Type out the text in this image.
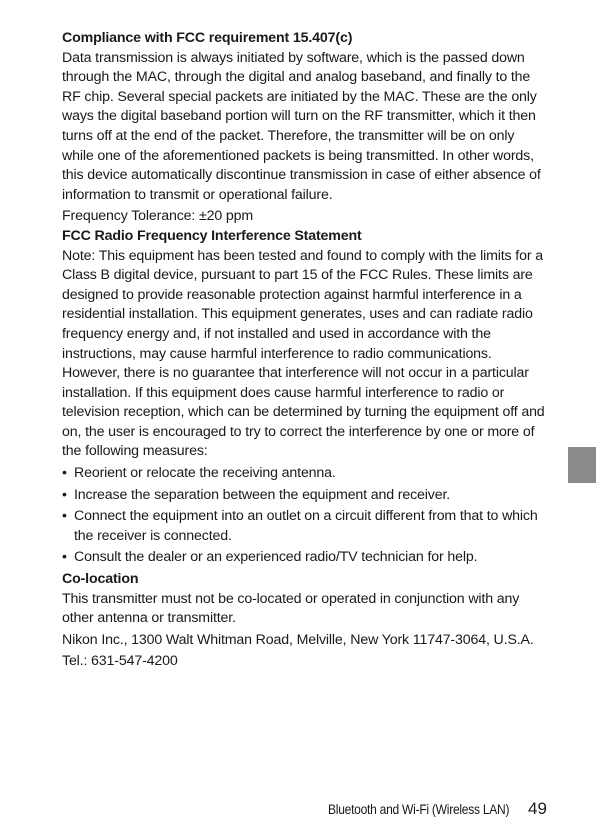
Compliance with FCC requirement 15.407(c)

Data transmission is always initiated by software, which is the passed down through the MAC, through the digital and analog baseband, and finally to the RF chip. Several special packets are initiated by the MAC. These are the only ways the digital baseband portion will turn on the RF transmitter, which it then turns off at the end of the packet. Therefore, the transmitter will be on only while one of the aforementioned packets is being transmitted. In other words, this device automatically discontinue transmission in case of either absence of information to transmit or operational failure.

Frequency Tolerance: ±20 ppm

FCC Radio Frequency Interference Statement

Note: This equipment has been tested and found to comply with the limits for a Class B digital device, pursuant to part 15 of the FCC Rules. These limits are designed to provide reasonable protection against harmful interference in a residential installation. This equipment generates, uses and can radiate radio frequency energy and, if not installed and used in accordance with the instructions, may cause harmful interference to radio communications. However, there is no guarantee that interference will not occur in a particular installation. If this equipment does cause harmful interference to radio or television reception, which can be determined by turning the equipment off and on, the user is encouraged to try to correct the interference by one or more of the following measures:

• Reorient or relocate the receiving antenna.
• Increase the separation between the equipment and receiver.
• Connect the equipment into an outlet on a circuit different from that to which the receiver is connected.
• Consult the dealer or an experienced radio/TV technician for help.

Co-location

This transmitter must not be co-located or operated in conjunction with any other antenna or transmitter.

Nikon Inc., 1300 Walt Whitman Road, Melville, New York 11747-3064, U.S.A.

Tel.: 631-547-4200

Bluetooth and Wi-Fi (Wireless LAN) 49
